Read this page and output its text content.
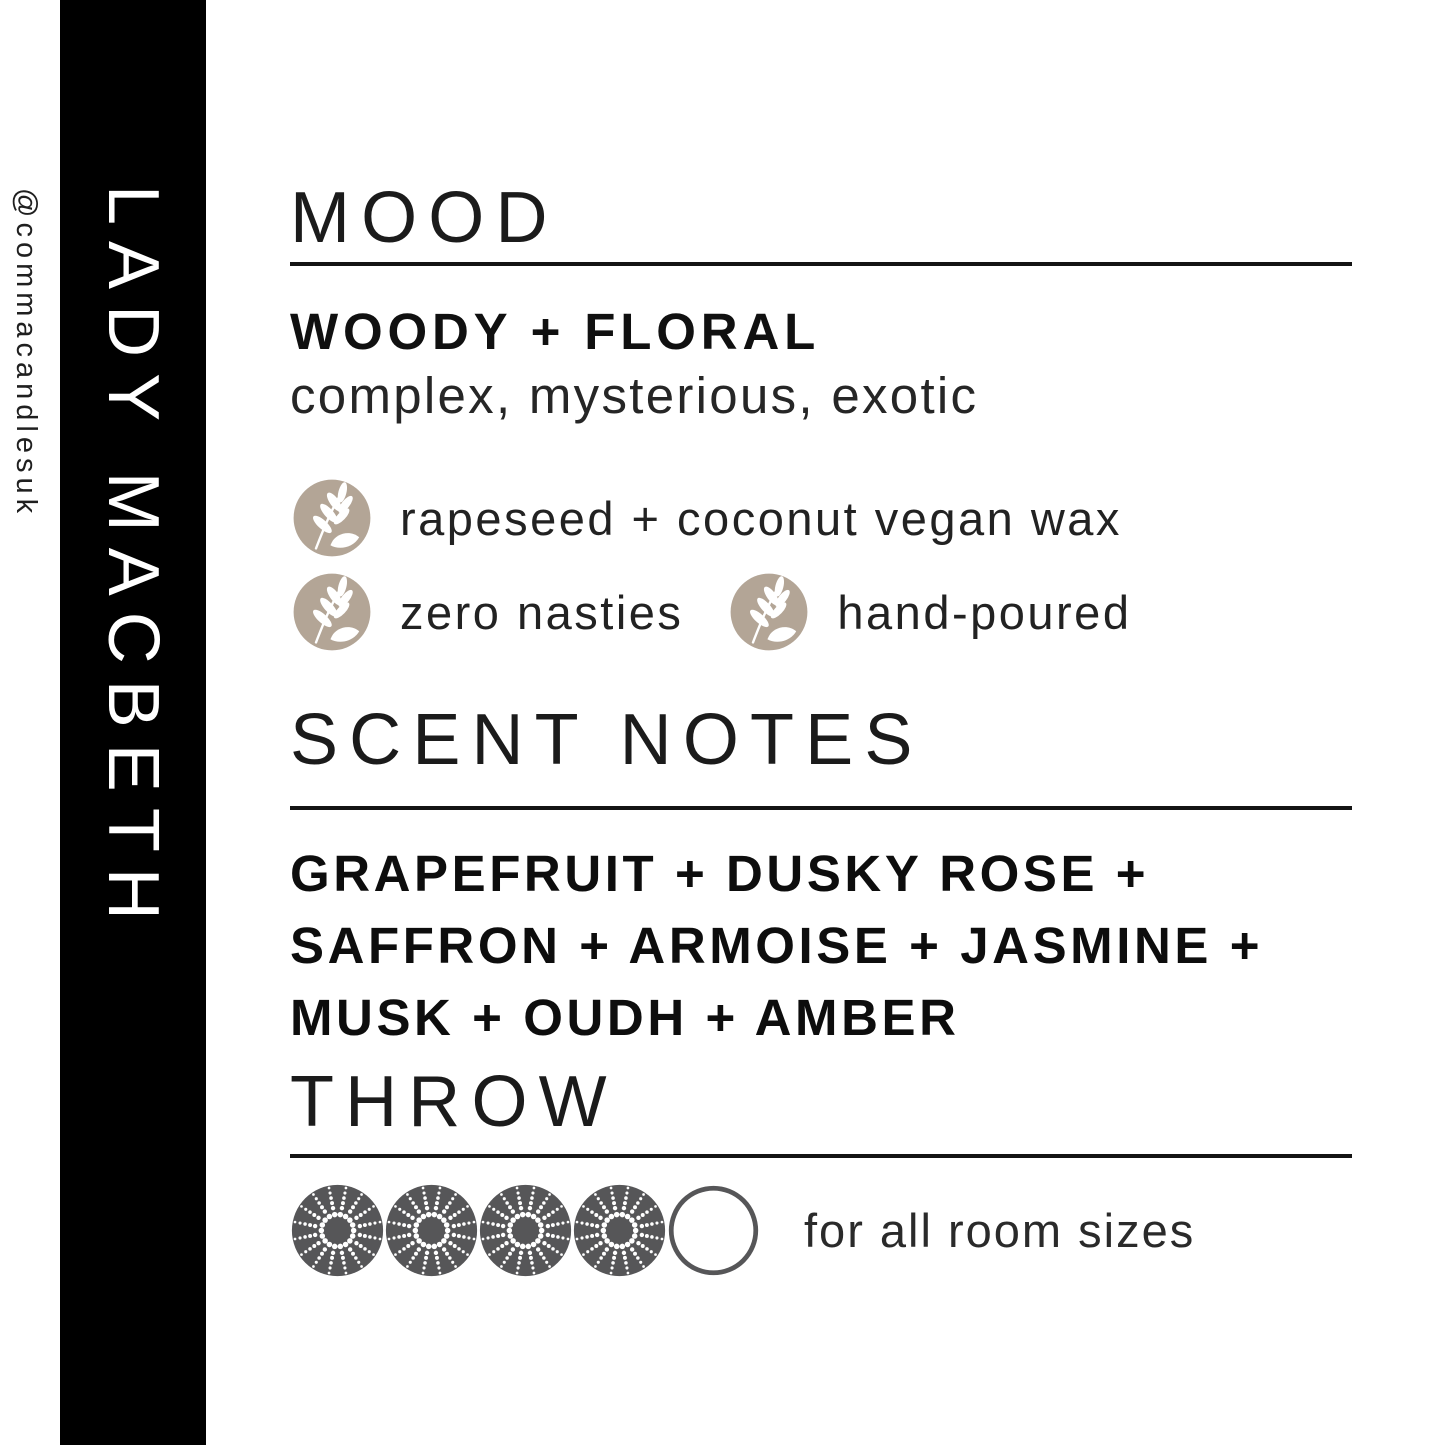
@commacandlesuk LADY MACBETH MOOD
WOODY + FLORAL
complex, mysterious, exotic
rapeseed + coconut vegan wax
zero nasties	hand-poured
SCENT NOTES
GRAPEFRUIT + DUSKY ROSE +
SAFFRON + ARMOISE + JASMINE +
MUSK + OUDH + AMBER
THROW
for all room sizes
